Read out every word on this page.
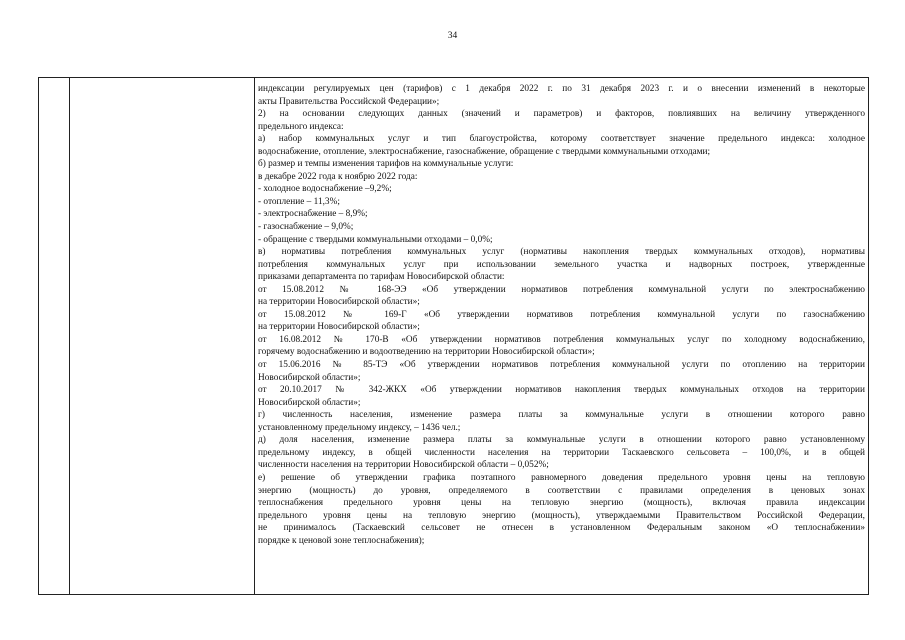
34
индексации регулируемых цен (тарифов) с 1 декабря 2022 г. по 31 декабря 2023 г. и о внесении изменений в некоторые
акты Правительства Российской Федерации»;
2) на основании следующих данных (значений и параметров) и факторов, повлиявших на величину утвержденного
предельного индекса:
а) набор коммунальных услуг и тип благоустройства, которому соответствует значение предельного индекса: холодное
водоснабжение, отопление, электроснабжение, газоснабжение, обращение с твердыми коммунальными отходами;
б) размер и темпы изменения тарифов на коммунальные услуги:
в декабре 2022 года к ноябрю 2022 года:
- холодное водоснабжение –9,2%;
- отопление – 11,3%;
- электроснабжение – 8,9%;
- газоснабжение – 9,0%;
- обращение с твердыми коммунальными отходами – 0,0%;
в) нормативы потребления коммунальных услуг (нормативы накопления твердых коммунальных отходов), нормативы
потребления коммунальных услуг при использовании земельного участка и надворных построек, утвержденные
приказами департамента по тарифам Новосибирской области:
от 15.08.2012 № 168-ЭЭ «Об утверждении нормативов потребления коммунальной услуги по электроснабжению
на территории Новосибирской области»;
от 15.08.2012 № 169-Г «Об утверждении нормативов потребления коммунальной услуги по газоснабжению
на территории Новосибирской области»;
от 16.08.2012 № 170-В «Об утверждении нормативов потребления коммунальных услуг по холодному водоснабжению,
горячему водоснабжению и водоотведению на территории Новосибирской области»;
от 15.06.2016 № 85-ТЭ «Об утверждении нормативов потребления коммунальной услуги по отоплению на территории
Новосибирской области»;
от 20.10.2017 № 342-ЖКХ «Об утверждении нормативов накопления твердых коммунальных отходов на территории
Новосибирской области»;
г) численность населения, изменение размера платы за коммунальные услуги в отношении которого равно
установленному предельному индексу, – 1436 чел.;
д) доля населения, изменение размера платы за коммунальные услуги в отношении которого равно установленному
предельному индексу, в общей численности населения на территории Таскаевского сельсовета – 100,0%, и в общей
численности населения на территории Новосибирской области – 0,052%;
е) решение об утверждении графика поэтапного равномерного доведения предельного уровня цены на тепловую
энергию (мощность) до уровня, определяемого в соответствии с правилами определения в ценовых зонах
теплоснабжения предельного уровня цены на тепловую энергию (мощность), включая правила индексации
предельного уровня цены на тепловую энергию (мощность), утверждаемыми Правительством Российской Федерации,
не принималось (Таскаевский сельсовет не отнесен в установленном Федеральным законом «О теплоснабжении»
порядке к ценовой зоне теплоснабжения);
